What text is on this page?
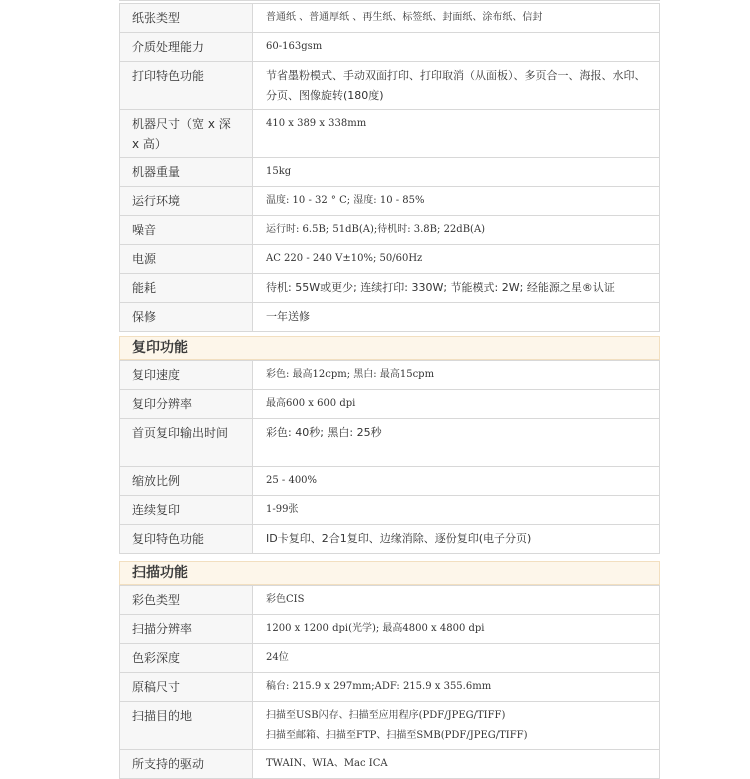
纸张类型	普通纸 、普通厚纸 、再生纸、标签纸、封面纸、涂布纸、信封
介质处理能力	60-163gsm
打印特色功能	节省墨粉模式、手动双面打印、打印取消（从面板）、多页合一、海报、水印、分页、图像旋转(180度)
机器尺寸（宽 x 深 x 高）	410 x 389 x 338mm
机器重量	15kg
运行环境	温度: 10 - 32 ° C; 湿度: 10 - 85%
噪音	运行时: 6.5B; 51dB(A);待机时: 3.8B; 22dB(A)
电源	AC 220 - 240 V±10%; 50/60Hz
能耗	待机: 55W或更少; 连续打印: 330W; 节能模式: 2W; 经能源之星®认证
保修	一年送修
复印功能
复印速度	彩色: 最高12cpm; 黑白: 最高15cpm
复印分辨率	最高600 x 600 dpi
首页复印输出时间	彩色: 40秒; 黑白: 25秒
缩放比例	25 - 400%
连续复印	1-99张
复印特色功能	ID卡复印、2合1复印、边缘消除、逐份复印(电子分页)
扫描功能
彩色类型	彩色CIS
扫描分辨率	1200 x 1200 dpi(光学); 最高4800 x 4800 dpi
色彩深度	24位
原稿尺寸	稿台: 215.9 x 297mm;ADF: 215.9 x 355.6mm
扫描目的地	扫描至USB闪存、扫描至应用程序(PDF/JPEG/TIFF)
扫描至邮箱、扫描至FTP、扫描至SMB(PDF/JPEG/TIFF)

所支持的驱动	TWAIN、WIA、Mac ICA
